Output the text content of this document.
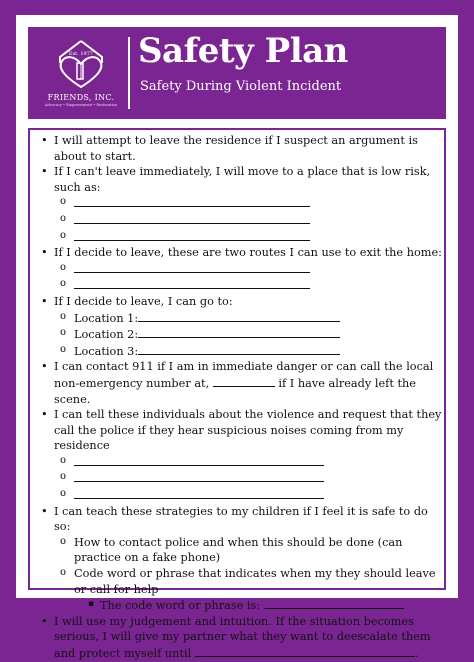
Est. 1977
FRIENDS, INC.
Advocacy • Empowerment • Restoration
Safety Plan
Safety During Violent Incident
• I will attempt to leave the residence if I suspect an argument is about to start.
• If I can't leave immediately, I will move to a place that is low risk, such as:
o
o
o
• If I decide to leave, these are two routes I can use to exit the home:
o
o
• If I decide to leave, I can go to:
o Location 1:
o Location 2:
o Location 3:
• I can contact 911 if I am in immediate danger or can call the local non-emergency number at,	if I have already left the scene.
• I can tell these individuals about the violence and request that they call the police if they hear suspicious noises coming from my residence
o
o
o
• I can teach these strategies to my children if I feel it is safe to do so:
o How to contact police and when this should be done (can practice on a fake phone)
o Code word or phrase that indicates when my they should leave or call for help
▪ The code word or phrase is:
• I will use my judgement and intuition. If the situation becomes serious, I will give my partner what they want to deescalate them and protect myself until	.
